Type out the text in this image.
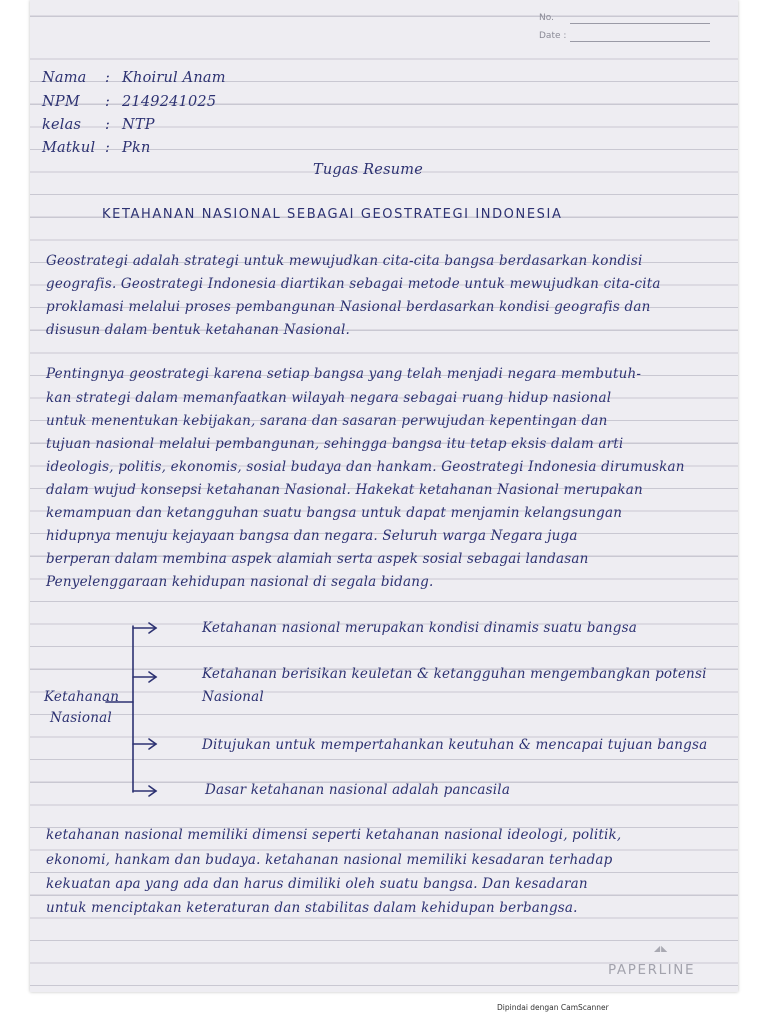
No.
Date :
Nama : Khoirul Anam
NPM : 2149241025
kelas : NTP
Matkul : Pkn
Tugas Resume
KETAHANAN NASIONAL SEBAGAI GEOSTRATEGI INDONESIA
Geostrategi adalah strategi untuk mewujudkan cita-cita bangsa berdasarkan kondisi
geografis. Geostrategi Indonesia diartikan sebagai metode untuk mewujudkan cita-cita
proklamasi melalui proses pembangunan Nasional berdasarkan kondisi geografis dan
disusun dalam bentuk ketahanan Nasional.
Pentingnya geostrategi karena setiap bangsa yang telah menjadi negara membutuh-
kan strategi dalam memanfaatkan wilayah negara sebagai ruang hidup nasional
untuk menentukan kebijakan, sarana dan sasaran perwujudan kepentingan dan
tujuan nasional melalui pembangunan, sehingga bangsa itu tetap eksis dalam arti
ideologis, politis, ekonomis, sosial budaya dan hankam. Geostrategi Indonesia dirumuskan
dalam wujud konsepsi ketahanan Nasional. Hakekat ketahanan Nasional merupakan
kemampuan dan ketangguhan suatu bangsa untuk dapat menjamin kelangsungan
hidupnya menuju kejayaan bangsa dan negara. Seluruh warga Negara juga
berperan dalam membina aspek alamiah serta aspek sosial sebagai landasan
Penyelenggaraan kehidupan nasional di segala bidang.
Ketahanan
Nasional
Ketahanan nasional merupakan kondisi dinamis suatu bangsa
Ketahanan berisikan keuletan & ketangguhan mengembangkan potensi
Nasional
Ditujukan untuk mempertahankan keutuhan & mencapai tujuan bangsa
Dasar ketahanan nasional adalah pancasila
ketahanan nasional memiliki dimensi seperti ketahanan nasional ideologi, politik,
ekonomi, hankam dan budaya. ketahanan nasional memiliki kesadaran terhadap
kekuatan apa yang ada dan harus dimiliki oleh suatu bangsa. Dan kesadaran
untuk menciptakan keteraturan dan stabilitas dalam kehidupan berbangsa.
◢◣
PAPERLINE
Dipindai dengan CamScanner
